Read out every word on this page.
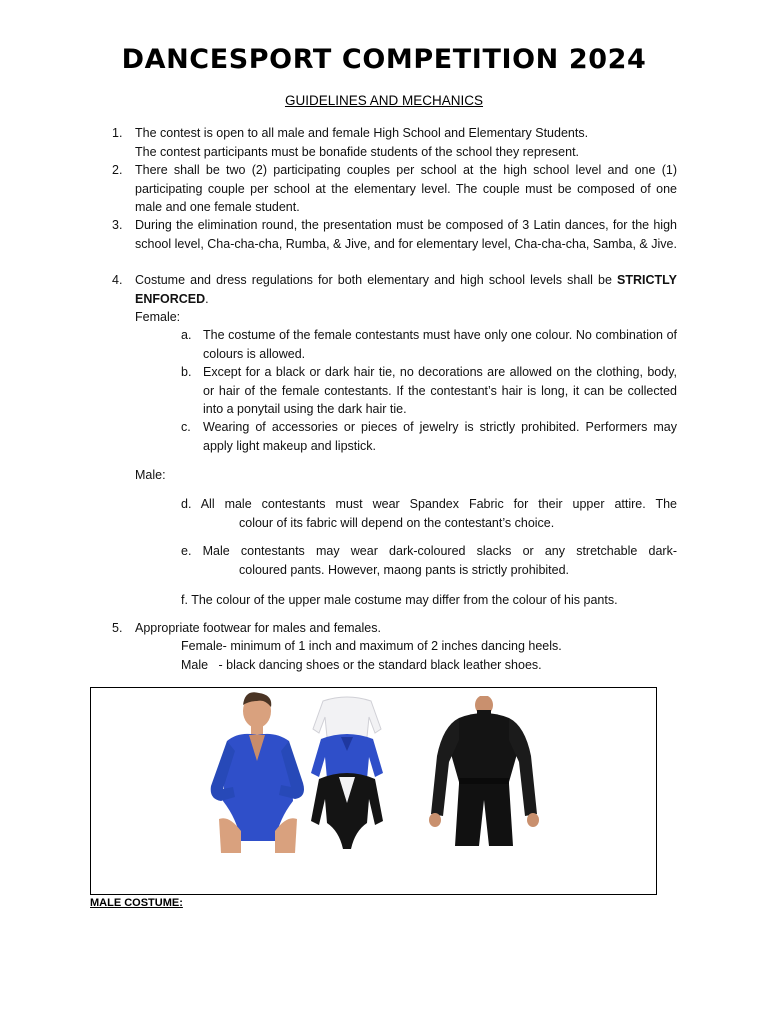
DANCESPORT COMPETITION 2024
GUIDELINES AND MECHANICS
1.	The contest is open to all male and female High School and Elementary Students.
The contest participants must be bonafide students of the school they represent.
2.	There shall be two (2) participating couples per school at the high school level and one (1) participating couple per school at the elementary level. The couple must be composed of one male and one female student.
3.	During the elimination round, the presentation must be composed of 3 Latin dances, for the high school level, Cha-cha-cha, Rumba, & Jive, and for elementary level, Cha-cha-cha, Samba, & Jive.
4.	Costume and dress regulations for both elementary and high school levels shall be STRICTLY ENFORCED.
Female:
a. The costume of the female contestants must have only one colour. No combination of colours is allowed.
b. Except for a black or dark hair tie, no decorations are allowed on the clothing, body, or hair of the female contestants. If the contestant’s hair is long, it can be collected into a ponytail using the dark hair tie.
c. Wearing of accessories or pieces of jewelry is strictly prohibited. Performers may apply light makeup and lipstick.
Male:
d. All male contestants must wear Spandex Fabric for their upper attire. The
colour of its fabric will depend on the contestant’s choice.
e. Male contestants may wear dark-coloured slacks or any stretchable dark-
coloured pants. However, maong pants is strictly prohibited.
f. The colour of the upper male costume may differ from the colour of his pants.
5.	Appropriate footwear for males and females.
Female- minimum of 1 inch and maximum of 2 inches dancing heels.
Male   - black dancing shoes or the standard black leather shoes.
MALE COSTUME:
